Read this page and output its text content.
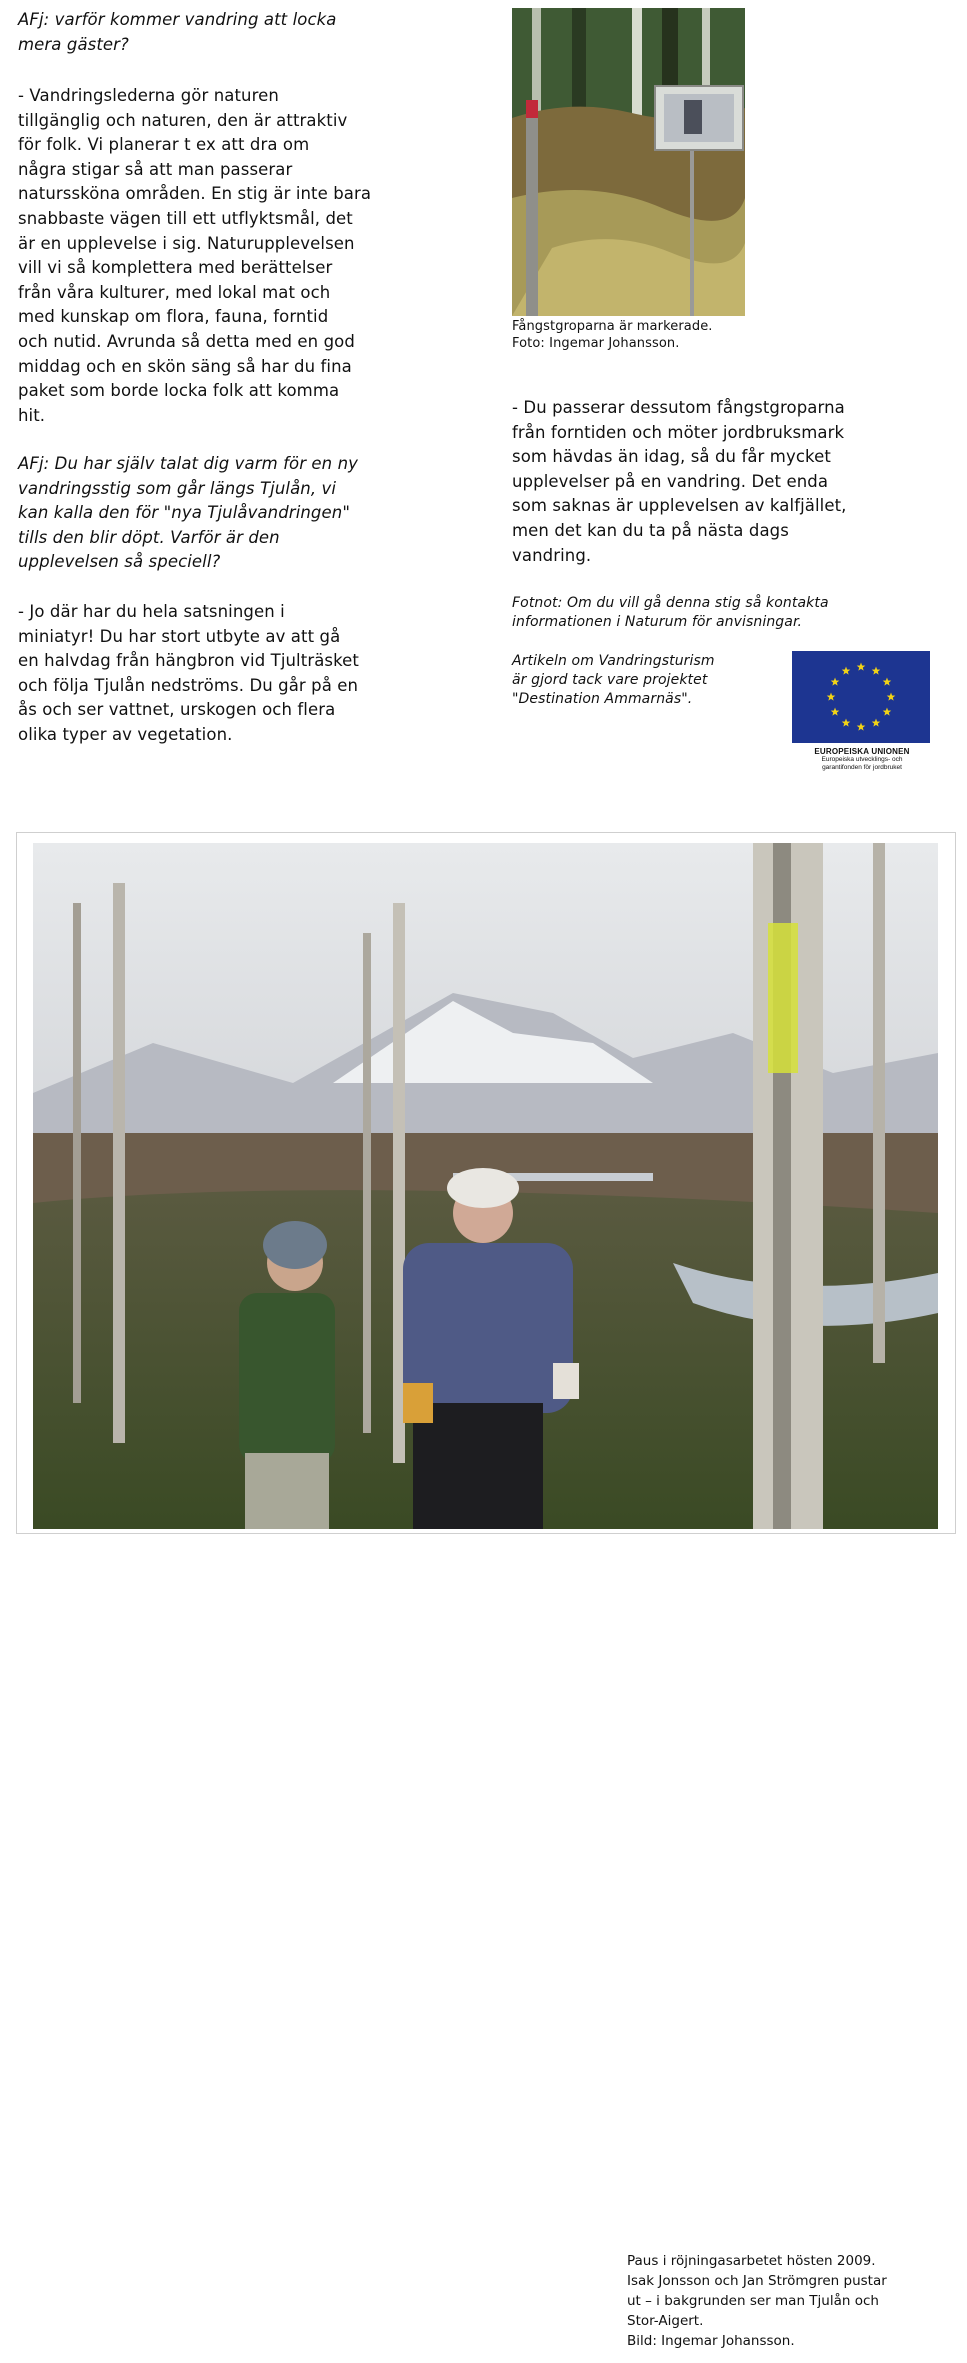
AFj: varför kommer vandring att locka
mera gäster?
- Vandringslederna gör naturen
tillgänglig och naturen, den är attraktiv
för folk. Vi planerar t ex att dra om
några stigar så att man passerar
naturssköna områden. En stig är inte bara
snabbaste vägen till ett utflyktsmål, det
är en upplevelse i sig. Naturupplevelsen
vill vi så komplettera med berättelser
från våra kulturer, med lokal mat och
med kunskap om flora, fauna, forntid
och nutid. Avrunda så detta med en god
middag och en skön säng så har du fina
paket som borde locka folk att komma
hit.
AFj: Du har själv talat dig varm för en ny
vandringsstig som går längs Tjulån, vi
kan kalla den för "nya Tjulåvandringen"
tills den blir döpt. Varför är den
upplevelsen så speciell?
- Jo där har du hela satsningen i
miniatyr! Du har stort utbyte av att gå
en halvdag från hängbron vid Tjulträsket
och följa Tjulån nedströms. Du går på en
ås och ser vattnet, urskogen och flera
olika typer av vegetation.
Fångstgroparna är markerade.
Foto: Ingemar Johansson.
- Du passerar dessutom fångstgroparna
från forntiden och möter jordbruksmark
som hävdas än idag, så du får mycket
upplevelser på en vandring. Det enda
som saknas är upplevelsen av kalfjället,
men det kan du ta på nästa dags
vandring.
Fotnot: Om du vill gå denna stig så kontakta
informationen i Naturum för anvisningar.
Artikeln om Vandringsturism
är gjord tack vare projektet
"Destination Ammarnäs".
EUROPEISKA UNIONEN
Europeiska utvecklings- och
garantifonden för jordbruket
Paus i röjningasarbetet hösten 2009.
Isak Jonsson och Jan Strömgren pustar
ut – i bakgrunden ser man Tjulån och
Stor-Aigert.
Bild: Ingemar Johansson.
